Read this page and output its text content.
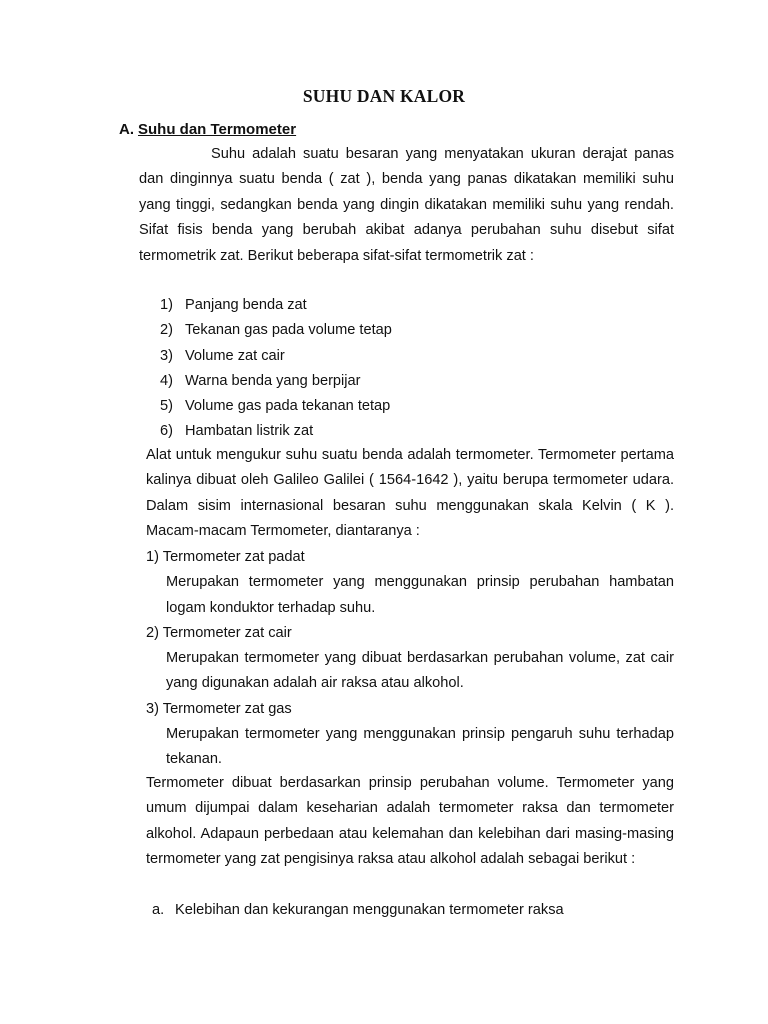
SUHU DAN KALOR
A. Suhu dan Termometer

Suhu adalah suatu besaran yang menyatakan ukuran derajat panas dan dinginnya suatu benda ( zat ), benda yang panas dikatakan memiliki suhu yang tinggi, sedangkan benda yang dingin dikatakan memiliki suhu yang rendah. Sifat fisis benda yang berubah akibat adanya perubahan suhu disebut sifat termometrik zat. Berikut beberapa sifat-sifat termometrik zat :

1) Panjang benda zat
2) Tekanan gas pada volume tetap
3) Volume zat cair
4) Warna benda yang berpijar
5) Volume gas pada tekanan tetap
6) Hambatan listrik zat

Alat untuk mengukur suhu suatu benda adalah termometer. Termometer pertama kalinya dibuat oleh Galileo Galilei ( 1564-1642 ), yaitu berupa termometer udara. Dalam sisim internasional besaran suhu menggunakan skala Kelvin ( K ). Macam-macam Termometer, diantaranya :

1) Termometer zat padat
Merupakan termometer yang menggunakan prinsip perubahan hambatan logam konduktor terhadap suhu.
2) Termometer zat cair
Merupakan termometer yang dibuat berdasarkan perubahan volume, zat cair yang digunakan adalah air raksa atau alkohol.
3) Termometer zat gas
Merupakan termometer yang menggunakan prinsip pengaruh suhu terhadap tekanan.

Termometer dibuat berdasarkan prinsip perubahan volume. Termometer yang umum dijumpai dalam keseharian adalah termometer raksa dan termometer alkohol. Adapaun perbedaan atau kelemahan dan kelebihan dari masing-masing termometer yang zat pengisinya raksa atau alkohol adalah sebagai berikut :

a. Kelebihan dan kekurangan menggunakan termometer raksa
